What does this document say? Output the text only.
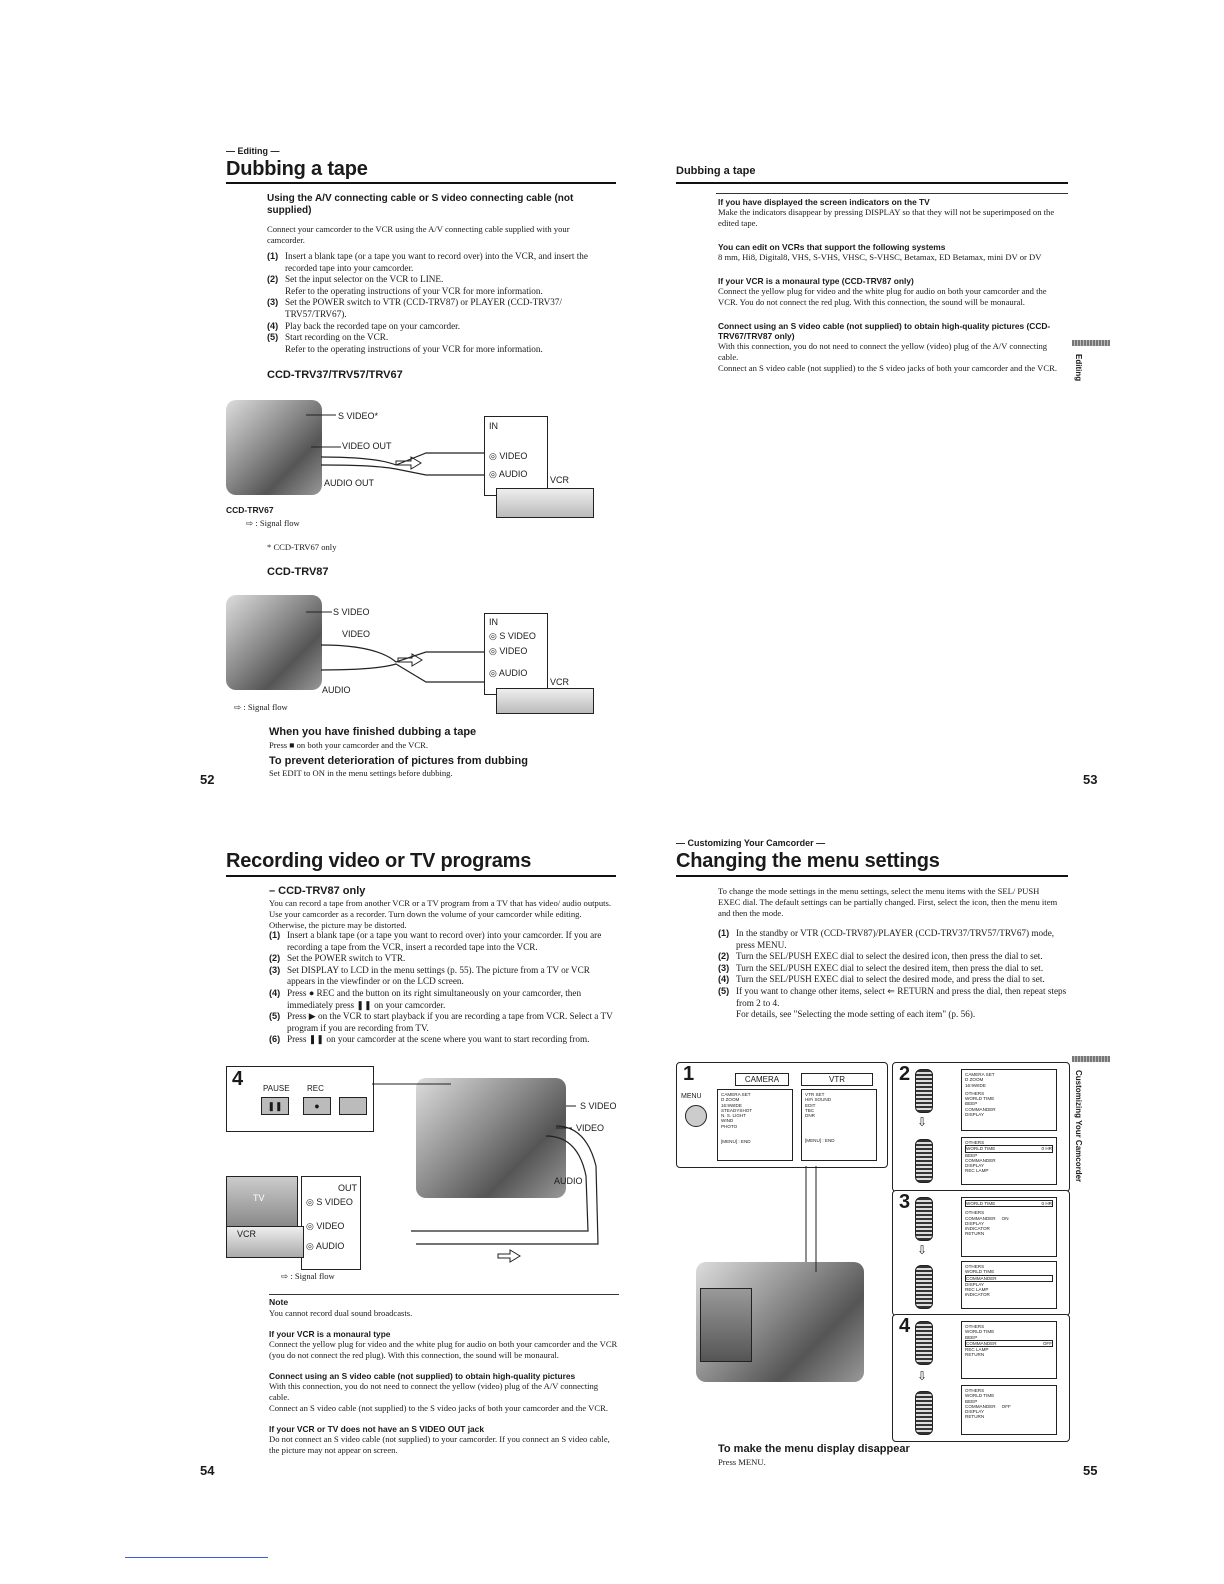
— Editing —
Dubbing a tape
Using the A/V connecting cable or S video connecting cable (not supplied)
Connect your camcorder to the VCR using the A/V connecting cable supplied with your camcorder.
(1) Insert a blank tape (or a tape you want to record over) into the VCR, and insert the recorded tape into your camcorder.
(2) Set the input selector on the VCR to LINE.
Refer to the operating instructions of your VCR for more information.
(3) Set the POWER switch to VTR (CCD-TRV87) or PLAYER (CCD-TRV37/ TRV57/TRV67).
(4) Play back the recorded tape on your camcorder.
(5) Start recording on the VCR.
Refer to the operating instructions of your VCR for more information.
CCD-TRV37/TRV57/TRV67
S VIDEO*
VIDEO OUT
AUDIO OUT
IN
◎ VIDEO
◎ AUDIO
VCR
CCD-TRV67
⇨ : Signal flow
* CCD-TRV67 only
CCD-TRV87
S VIDEO
VIDEO
AUDIO
IN
◎ S VIDEO
◎ VIDEO
◎ AUDIO
VCR
⇨ : Signal flow
When you have finished dubbing a tape
Press ■ on both your camcorder and the VCR.
To prevent deterioration of pictures from dubbing
Set EDIT to ON in the menu settings before dubbing.
52
Dubbing a tape
If you have displayed the screen indicators on the TV
Make the indicators disappear by pressing DISPLAY so that they will not be superimposed on the edited tape.
You can edit on VCRs that support the following systems
8 mm, Hi8, Digital8, VHS, S-VHS, VHSC, S-VHSC, Betamax, ED Betamax, mini DV or DV
If your VCR is a monaural type (CCD-TRV87 only)
Connect the yellow plug for video and the white plug for audio on both your camcorder and the VCR. You do not connect the red plug. With this connection, the sound will be monaural.
Connect using an S video cable (not supplied) to obtain high-quality pictures (CCD-TRV67/TRV87 only)
With this connection, you do not need to connect the yellow (video) plug of the A/V connecting cable.
Connect an S video cable (not supplied) to the S video jacks of both your camcorder and the VCR.	Editing
53
Recording video or TV programs
– CCD-TRV87 only
You can record a tape from another VCR or a TV program from a TV that has video/ audio outputs. Use your camcorder as a recorder. Turn down the volume of your camcorder while editing. Otherwise, the picture may be distorted.
(1) Insert a blank tape (or a tape you want to record over) into your camcorder. If you are recording a tape from the VCR, insert a recorded tape into the VCR.
(2) Set the POWER switch to VTR.
(3) Set DISPLAY to LCD in the menu settings (p. 55). The picture from a TV or VCR appears in the viewfinder or on the LCD screen.
(4) Press ● REC and the button on its right simultaneously on your camcorder, then immediately press ❚❚ on your camcorder.
(5) Press ▶ on the VCR to start playback if you are recording a tape from VCR. Select a TV program if you are recording from TV.
(6) Press ❚❚ on your camcorder at the scene where you want to start recording from.
4 PAUSE REC
❚❚	●	S VIDEO
VIDEO
AUDIO
OUT
◎ S VIDEO
◎ VIDEO
◎ AUDIO
TV
VCR
⇨ : Signal flow
Note
You cannot record dual sound broadcasts.
If your VCR is a monaural type
Connect the yellow plug for video and the white plug for audio on both your camcorder and the VCR (you do not connect the red plug). With this connection, the sound will be monaural.
Connect using an S video cable (not supplied) to obtain high-quality pictures
With this connection, you do not need to connect the yellow (video) plug of the A/V connecting cable.
Connect an S video cable (not supplied) to the S video jacks of both your camcorder and the VCR.
If your VCR or TV does not have an S VIDEO OUT jack
Do not connect an S video cable (not supplied) to your camcorder. If you connect an S video cable, the picture may not appear on screen.
54
— Customizing Your Camcorder —
Changing the menu settings
To change the mode settings in the menu settings, select the menu items with the SEL/ PUSH EXEC dial. The default settings can be partially changed. First, select the icon, then the menu item and then the mode.
(1) In the standby or VTR (CCD-TRV87)/PLAYER (CCD-TRV37/TRV57/TRV67) mode, press MENU.
(2) Turn the SEL/PUSH EXEC dial to select the desired icon, then press the dial to set.
(3) Turn the SEL/PUSH EXEC dial to select the desired item, then press the dial to set.
(4) Turn the SEL/PUSH EXEC dial to select the desired mode, and press the dial to set.
(5) If you want to change other items, select ⇐ RETURN and press the dial, then repeat steps from 2 to 4.
For details, see "Selecting the mode setting of each item" (p. 56).
1
MENU
CAMERA	VTR
CAMERA SET
D ZOOM
16:9WIDE
STEADYSHOT
N. S. LIGHT
WIND
PHOTO
[MENU] : END
VTR SET
HiFi SOUND
EDIT
TBC
DNR
[MENU] : END
2
⇩
CAMERA SET
D ZOOM
16:9WIDE
OTHERS
WORLD TIME
BEEP
COMMANDER
DISPLAY
OTHERS
WORLD TIME	0 HR
BEEP
COMMANDER
DISPLAY
REC LAMP
3
⇩
WORLD TIME	0 HR
OTHERS
COMMANDER ON
DISPLAY
INDICATOR
RETURN
OTHERS
WORLD TIME
COMMANDER
DISPLAY
REC LAMP
INDICATOR
4
⇩
OTHERS
WORLD TIME
BEEP
COMMANDER	OFF
REC LAMP
RETURN
OTHERS
WORLD TIME
BEEP
COMMANDER OFF
DISPLAY
RETURN
To make the menu display disappear
Press MENU.
Customizing Your Camcorder
55
